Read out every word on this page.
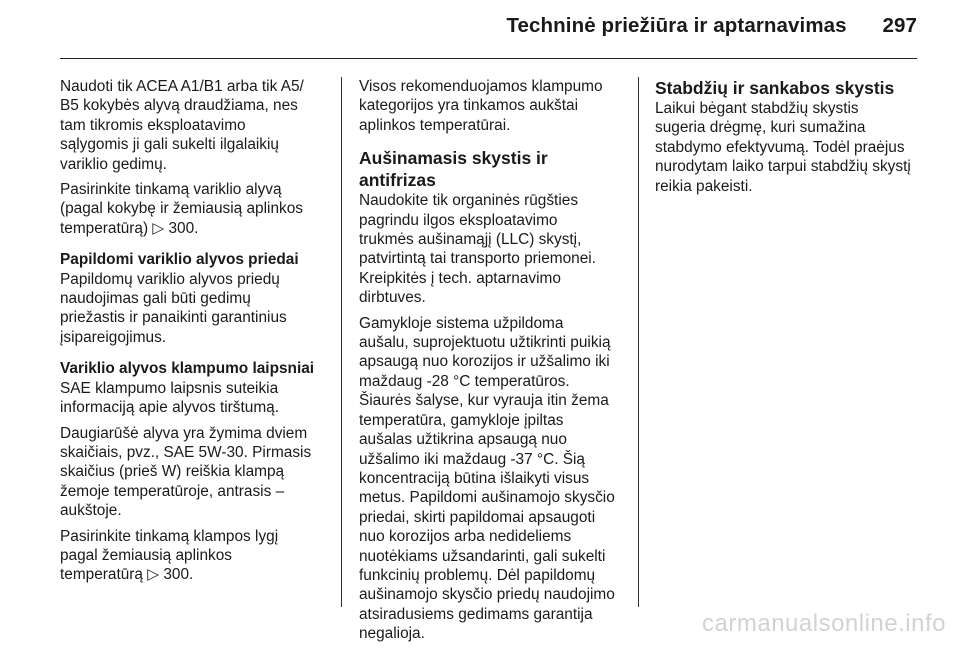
Techninė priežiūra ir aptarnavimas 297

Naudoti tik ACEA A1/B1 arba tik A5/
B5 kokybės alyvą draudžiama, nes
tam tikromis eksploatavimo
sąlygomis ji gali sukelti ilgalaikių
variklio gedimų.

Pasirinkite tinkamą variklio alyvą
(pagal kokybę ir žemiausią aplinkos
temperatūrą) ▷ 300.

Papildomi variklio alyvos priedai

Papildomų variklio alyvos priedų
naudojimas gali būti gedimų
priežastis ir panaikinti garantinius
įsipareigojimus.

Variklio alyvos klampumo laipsniai

SAE klampumo laipsnis suteikia
informaciją apie alyvos tirštumą.

Daugiarūšė alyva yra žymima dviem
skaičiais, pvz., SAE 5W-30. Pirmasis
skaičius (prieš W) reiškia klampą
žemoje temperatūroje, antrasis –
aukštoje.

Pasirinkite tinkamą klampos lygį
pagal žemiausią aplinkos
temperatūrą ▷ 300.

Visos rekomenduojamos klampumo
kategorijos yra tinkamos aukštai
aplinkos temperatūrai.

Aušinamasis skystis ir antifrizas

Naudokite tik organinės rūgšties
pagrindu ilgos eksploatavimo
trukmės aušinamąjį (LLC) skystį,
patvirtintą tai transporto priemonei.
Kreipkitės į tech. aptarnavimo
dirbtuves.

Gamykloje sistema užpildoma
aušalu, suprojektuotu užtikrinti puikią
apsaugą nuo korozijos ir užšalimo iki
maždaug -28 °C temperatūros.
Šiaurės šalyse, kur vyrauja itin žema
temperatūra, gamykloje įpiltas
aušalas užtikrina apsaugą nuo
užšalimo iki maždaug -37 °C. Šią
koncentraciją būtina išlaikyti visus
metus. Papildomi aušinamojo skysčio
priedai, skirti papildomai apsaugoti
nuo korozijos arba nedideliems
nuotėkiams užsandarinti, gali sukelti
funkcinių problemų. Dėl papildomų
aušinamojo skysčio priedų naudojimo
atsiradusiems gedimams garantija
negalioja.

Stabdžių ir sankabos skystis

Laikui bėgant stabdžių skystis
sugeria drėgmę, kuri sumažina
stabdymo efektyvumą. Todėl praėjus
nurodytam laiko tarpui stabdžių skystį
reikia pakeisti.

carmanualsonline.info
